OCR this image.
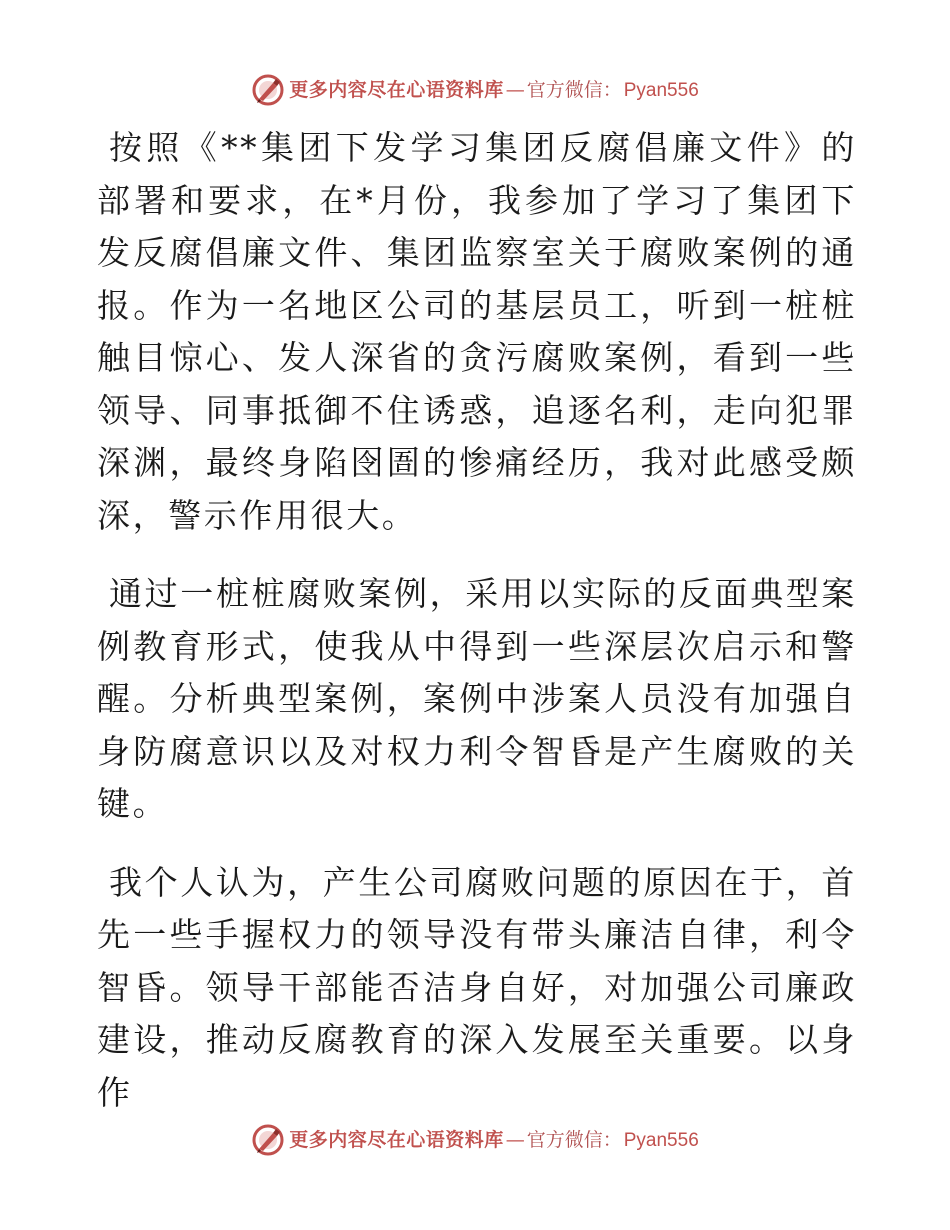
更多内容尽在心语资料库 — 官方微信： Pyan556

按照《**集团下发学习集团反腐倡廉文件》的部署和要求，在*月份，我参加了学习了集团下发反腐倡廉文件、集团监察室关于腐败案例的通报。作为一名地区公司的基层员工，听到一桩桩触目惊心、发人深省的贪污腐败案例，看到一些领导、同事抵御不住诱惑，追逐名利，走向犯罪深渊，最终身陷囹圄的惨痛经历，我对此感受颇深，警示作用很大。

通过一桩桩腐败案例，采用以实际的反面典型案例教育形式，使我从中得到一些深层次启示和警醒。分析典型案例，案例中涉案人员没有加强自身防腐意识以及对权力利令智昏是产生腐败的关键。

我个人认为，产生公司腐败问题的原因在于，首先一些手握权力的领导没有带头廉洁自律，利令智昏。领导干部能否洁身自好，对加强公司廉政建设，推动反腐教育的深入发展至关重要。以身作

更多内容尽在心语资料库 — 官方微信： Pyan556
